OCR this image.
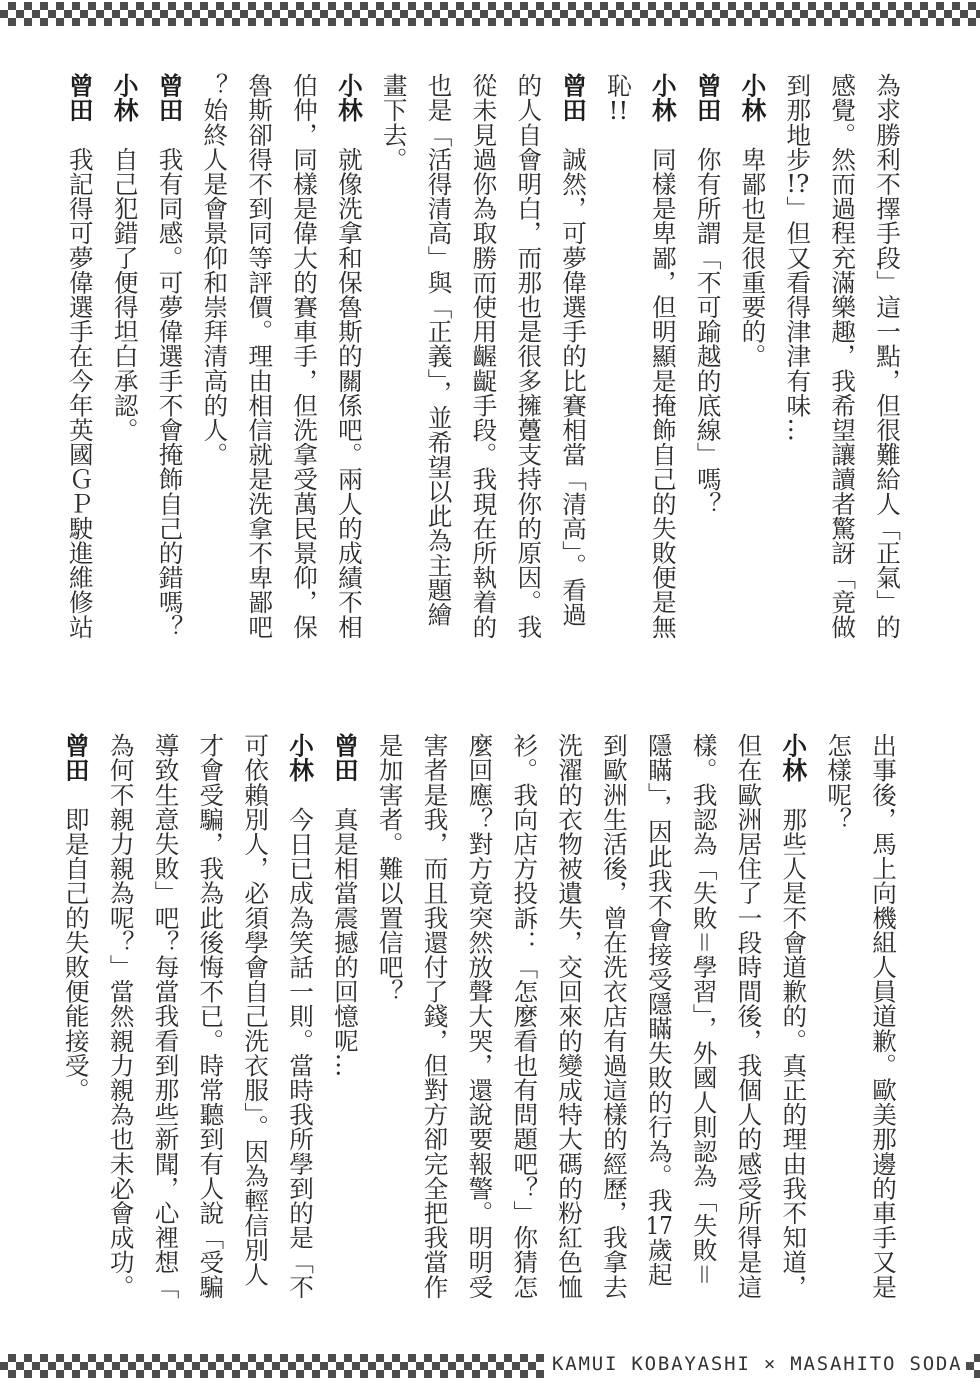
為求勝利不擇手段」這一點，但很難給人「正氣」的
感覺。然而過程充滿樂趣，我希望讓讀者驚訝「竟做
到那地步!?」但又看得津津有味…
小林卑鄙也是很重要的。
曾田你有所謂「不可踰越的底線」嗎？
小林同樣是卑鄙，但明顯是掩飾自己的失敗便是無
恥!!
曾田誠然，可夢偉選手的比賽相當「清高」。看過
的人自會明白，而那也是很多擁躉支持你的原因。我
從未見過你為取勝而使用齷齪手段。我現在所執着的
也是「活得清高」與「正義」，並希望以此為主題繪
畫下去。
小林就像洗拿和保魯斯的關係吧。兩人的成績不相
伯仲，同樣是偉大的賽車手，但洗拿受萬民景仰，保
魯斯卻得不到同等評價。理由相信就是洗拿不卑鄙吧
？始終人是會景仰和崇拜清高的人。
曾田我有同感。可夢偉選手不會掩飾自己的錯嗎？
小林自己犯錯了便得坦白承認。
曾田我記得可夢偉選手在今年英國ＧＰ駛進維修站
出事後，馬上向機組人員道歉。歐美那邊的車手又是
怎樣呢？
小林那些人是不會道歉的。真正的理由我不知道，
但在歐洲居住了一段時間後，我個人的感受所得是這
樣。我認為「失敗＝學習」，外國人則認為「失敗＝
隱瞞」，因此我不會接受隱瞞失敗的行為。我17歲起
到歐洲生活後，曾在洗衣店有過這樣的經歷，我拿去
洗濯的衣物被遺失，交回來的變成特大碼的粉紅色恤
衫。我向店方投訴：「怎麼看也有問題吧？」你猜怎
麼回應？對方竟突然放聲大哭，還說要報警。明明受
害者是我，而且我還付了錢，但對方卻完全把我當作
是加害者。難以置信吧？
曾田真是相當震撼的回憶呢…
小林今日已成為笑話一則。當時我所學到的是「不
可依賴別人，必須學會自己洗衣服」。因為輕信別人
才會受騙，我為此後悔不已。時常聽到有人說「受騙
導致生意失敗」吧？每當我看到那些新聞，心裡想「
為何不親力親為呢？」當然親力親為也未必會成功。
曾田即是自己的失敗便能接受。
KAMUI KOBAYASHI × MASAHITO SODA
